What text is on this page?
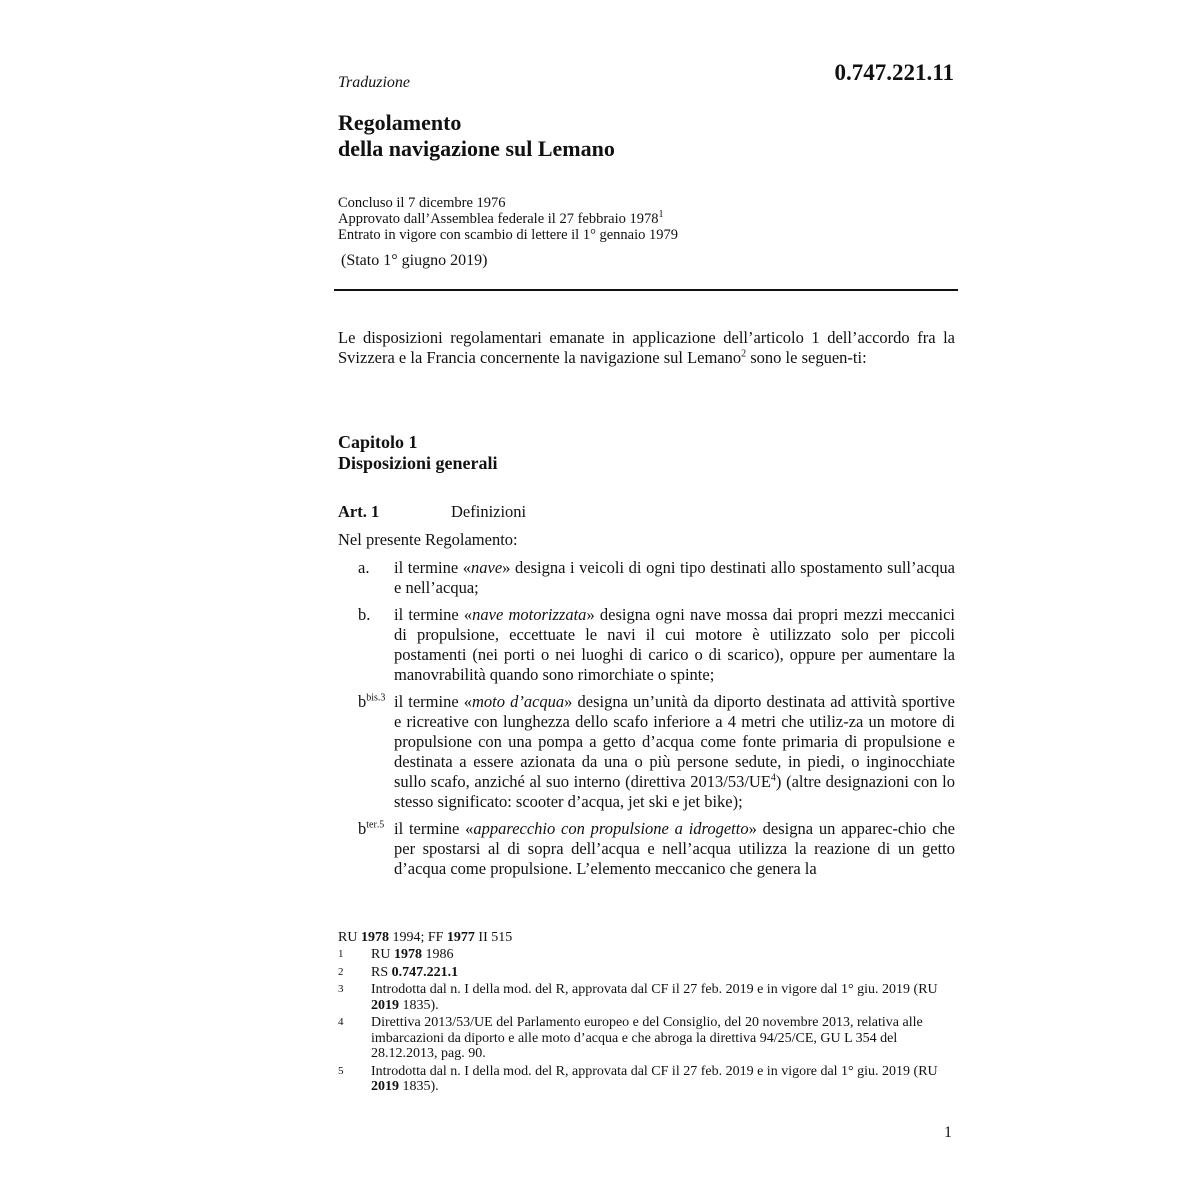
Traduzione	0.747.221.11
Regolamento
della navigazione sul Lemano
Concluso il 7 dicembre 1976
Approvato dall’Assemblea federale il 27 febbraio 1978$^1$
Entrato in vigore con scambio di lettere il 1° gennaio 1979
(Stato 1° giugno 2019)
Le disposizioni regolamentari emanate in applicazione dell’articolo 1 dell’accordo fra la Svizzera e la Francia concernente la navigazione sul Lemano$^2$ sono le seguen-ti:
Capitolo 1
Disposizioni generali
Art. 1	Definizioni
Nel presente Regolamento:
a.	il termine «nave» designa i veicoli di ogni tipo destinati allo spostamento sull’acqua e nell’acqua;
b.	il termine «nave motorizzata» designa ogni nave mossa dai propri mezzi meccanici di propulsione, eccettuate le navi il cui motore è utilizzato solo per piccoli postamenti (nei porti o nei luoghi di carico o di scarico), oppure per aumentare la manovrabilità quando sono rimorchiate o spinte;
$b^{bis.3}$ il termine «moto d’acqua» designa un’unità da diporto destinata ad attività sportive e ricreative con lunghezza dello scafo inferiore a 4 metri che utiliz-za un motore di propulsione con una pompa a getto d’acqua come fonte primaria di propulsione e destinata a essere azionata da una o più persone sedute, in piedi, o inginocchiate sullo scafo, anziché al suo interno (direttiva $2013/53/UE^4$) (altre designazioni con lo stesso significato: scooter d’acqua, jet ski e jet bike);
$b^{ter.5}$ il termine «apparecchio con propulsione a idrogetto» designa un apparec-chio che per spostarsi al di sopra dell’acqua e nell’acqua utilizza la reazione di un getto d’acqua come propulsione. L’elemento meccanico che genera la
RU 1978 1994; FF 1977 II 515
1	RU 1978 1986
2	RS 0.747.221.1
3	Introdotta dal n. I della mod. del R, approvata dal CF il 27 feb. 2019 e in vigore dal 1° giu. 2019 (RU 2019 1835).
4	Direttiva 2013/53/UE del Parlamento europeo e del Consiglio, del 20 novembre 2013, relativa alle imbarcazioni da diporto e alle moto d’acqua e che abroga la direttiva 94/25/CE, GU L 354 del 28.12.2013, pag. 90.
5	Introdotta dal n. I della mod. del R, approvata dal CF il 27 feb. 2019 e in vigore dal 1° giu. 2019 (RU 2019 1835).
1
